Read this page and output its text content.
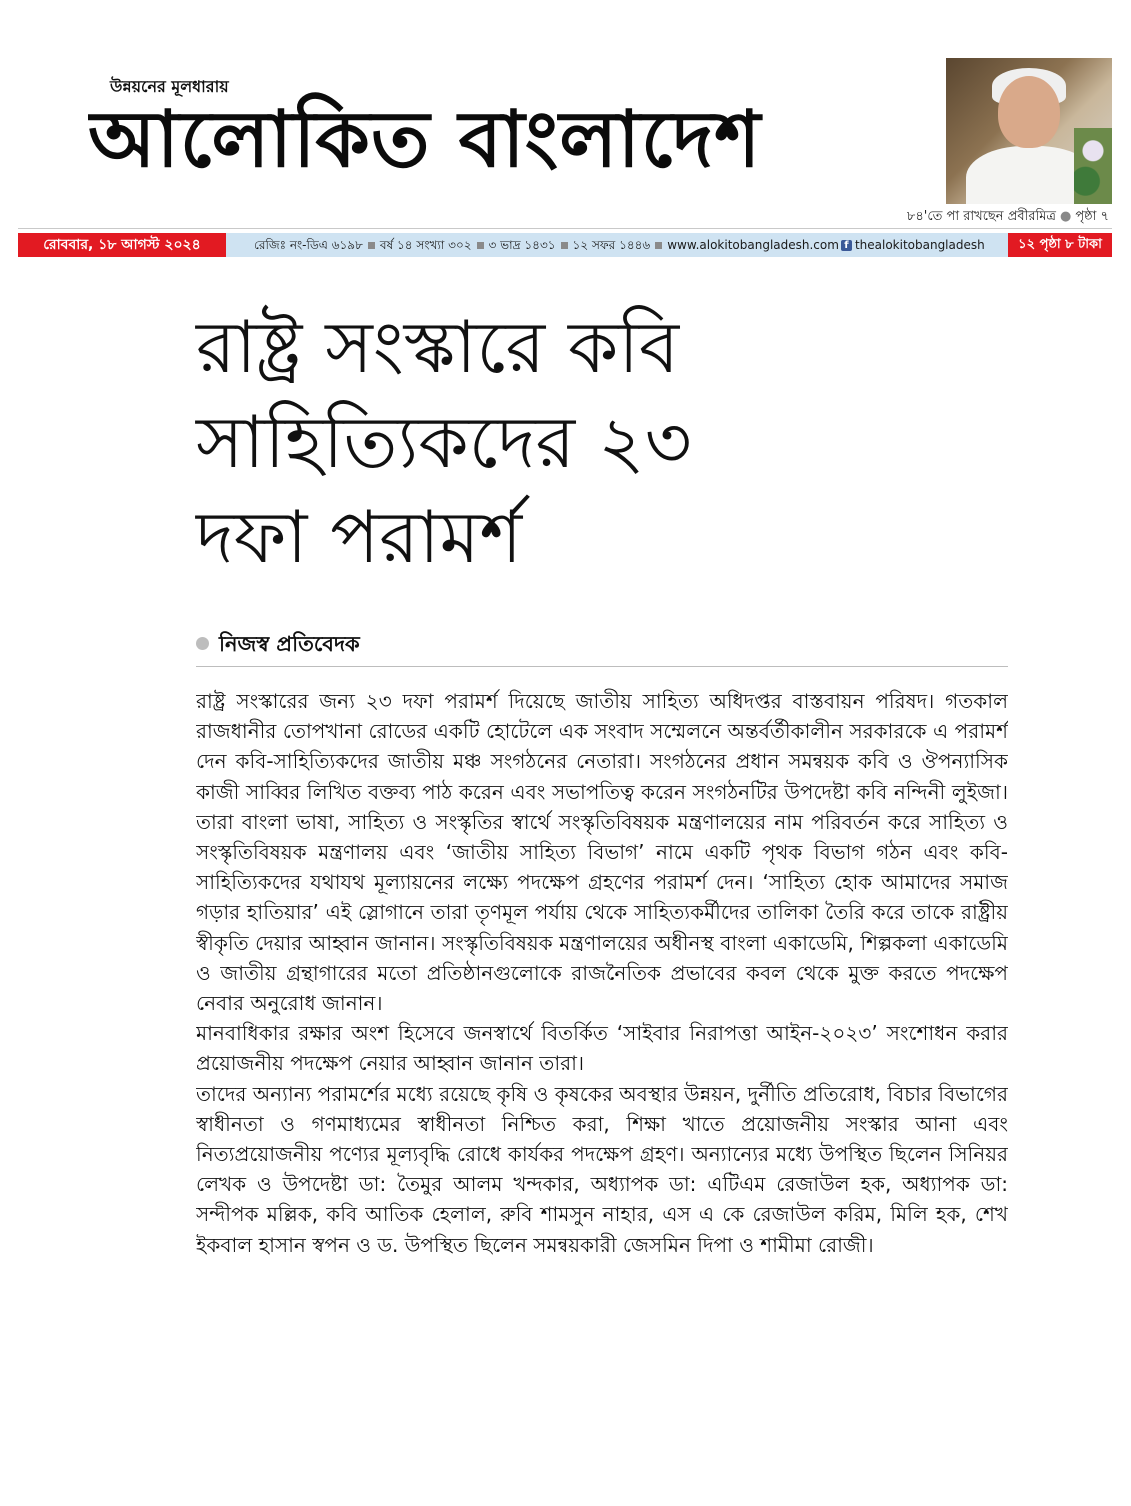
উন্নয়নের মূলধারায়
আলোকিত বাংলাদেশ
৮৪'তে পা রাখছেন প্রবীরমিত্র ● পৃষ্ঠা ৭
রোববার, ১৮ আগস্ট ২০২৪	রেজিঃ নং-ডিএ ৬১৯৮ বর্ষ ১৪ সংখ্যা ৩০২ ৩ ভাদ্র ১৪৩১ ১২ সফর ১৪৪৬ www.alokitobangladesh.com f thealokitobangladesh	১২ পৃষ্ঠা ৮ টাকা
রাষ্ট্র সংস্কারে কবি
সাহিত্যিকদের ২৩
দফা পরামর্শ
নিজস্ব প্রতিবেদক

রাষ্ট্র সংস্কারের জন্য ২৩ দফা পরামর্শ দিয়েছে জাতীয় সাহিত্য অধিদপ্তর বাস্তবায়ন পরিষদ। গতকাল রাজধানীর তোপখানা রোডের একটি হোটেলে এক সংবাদ সম্মেলনে অন্তর্বর্তীকালীন সরকারকে এ পরামর্শ দেন কবি-সাহিত্যিকদের জাতীয় মঞ্চ সংগঠনের নেতারা। সংগঠনের প্রধান সমন্বয়ক কবি ও ঔপন্যাসিক কাজী সাব্বির লিখিত বক্তব্য পাঠ করেন এবং সভাপতিত্ব করেন সংগঠনটির উপদেষ্টা কবি নন্দিনী লুইজা। তারা বাংলা ভাষা, সাহিত্য ও সংস্কৃতির স্বার্থে সংস্কৃতিবিষয়ক মন্ত্রণালয়ের নাম পরিবর্তন করে সাহিত্য ও সংস্কৃতিবিষয়ক মন্ত্রণালয় এবং ‘জাতীয় সাহিত্য বিভাগ’ নামে একটি পৃথক বিভাগ গঠন এবং কবি-সাহিত্যিকদের যথাযথ মূল্যায়নের লক্ষ্যে পদক্ষেপ গ্রহণের পরামর্শ দেন। ‘সাহিত্য হোক আমাদের সমাজ গড়ার হাতিয়ার’ এই স্লোগানে তারা তৃণমূল পর্যায় থেকে সাহিত্যকর্মীদের তালিকা তৈরি করে তাকে রাষ্ট্রীয় স্বীকৃতি দেয়ার আহ্বান জানান। সংস্কৃতিবিষয়ক মন্ত্রণালয়ের অধীনস্থ বাংলা একাডেমি, শিল্পকলা একাডেমি ও জাতীয় গ্রন্থাগারের মতো প্রতিষ্ঠানগুলোকে রাজনৈতিক প্রভাবের কবল থেকে মুক্ত করতে পদক্ষেপ নেবার অনুরোধ জানান।

মানবাধিকার রক্ষার অংশ হিসেবে জনস্বার্থে বিতর্কিত ‘সাইবার নিরাপত্তা আইন-২০২৩’ সংশোধন করার প্রয়োজনীয় পদক্ষেপ নেয়ার আহ্বান জানান তারা।

তাদের অন্যান্য পরামর্শের মধ্যে রয়েছে কৃষি ও কৃষকের অবস্থার উন্নয়ন, দুর্নীতি প্রতিরোধ, বিচার বিভাগের স্বাধীনতা ও গণমাধ্যমের স্বাধীনতা নিশ্চিত করা, শিক্ষা খাতে প্রয়োজনীয় সংস্কার আনা এবং নিত্যপ্রয়োজনীয় পণ্যের মূল্যবৃদ্ধি রোধে কার্যকর পদক্ষেপ গ্রহণ। অন্যান্যের মধ্যে উপস্থিত ছিলেন সিনিয়র লেখক ও উপদেষ্টা ডা: তৈমুর আলম খন্দকার, অধ্যাপক ডা: এটিএম রেজাউল হক, অধ্যাপক ডা: সন্দীপক মল্লিক, কবি আতিক হেলাল, রুবি শামসুন নাহার, এস এ কে রেজাউল করিম, মিলি হক, শেখ ইকবাল হাসান স্বপন ও ড. উপস্থিত ছিলেন সমন্বয়কারী জেসমিন দিপা ও শামীমা রোজী।
